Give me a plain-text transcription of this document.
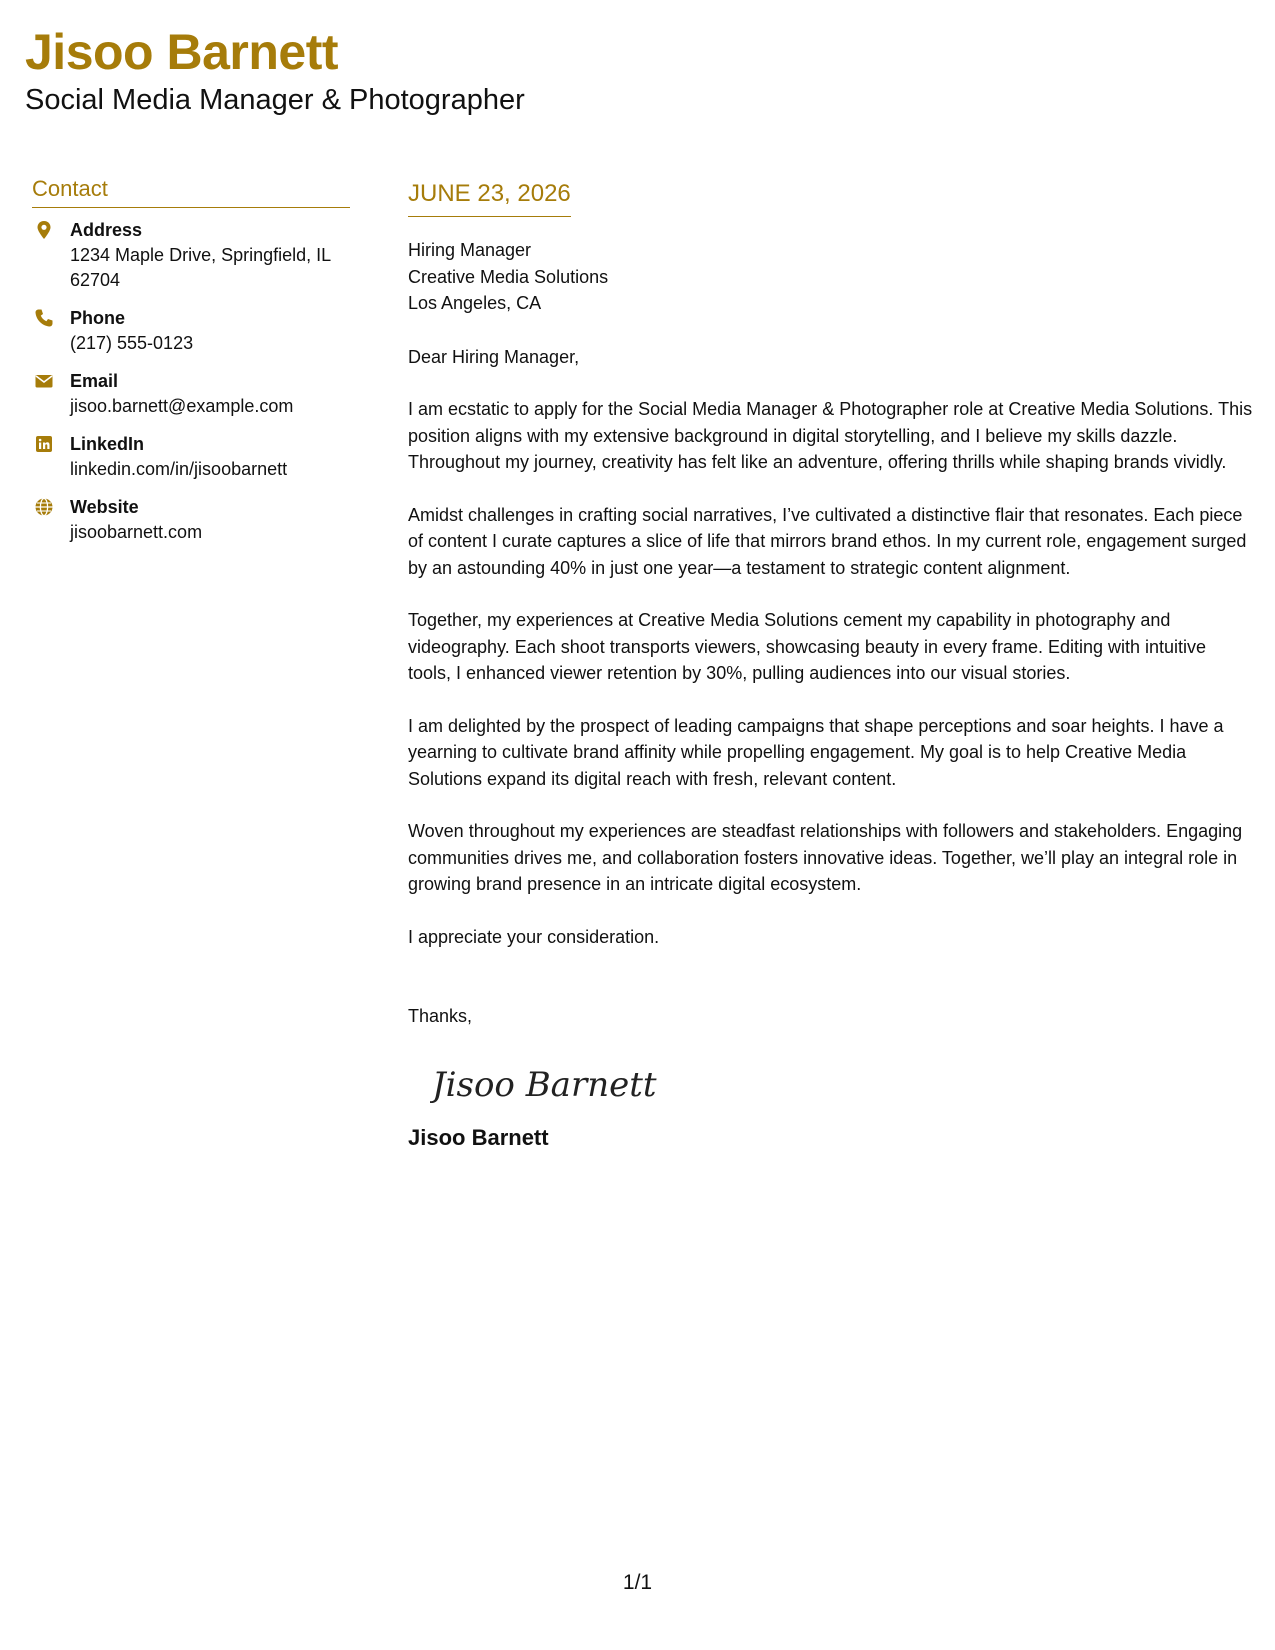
Jisoo Barnett
Social Media Manager & Photographer
Contact
Address
1234 Maple Drive, Springfield, IL
62704
Phone
(217) 555-0123
Email
jisoo.barnett@example.com
LinkedIn
linkedin.com/in/jisoobarnett
Website
jisoobarnett.com
JUNE 23, 2026
Hiring Manager
Creative Media Solutions
Los Angeles, CA
Dear Hiring Manager,
I am ecstatic to apply for the Social Media Manager & Photographer role at Creative Media Solutions. This position aligns with my extensive background in digital storytelling, and I believe my skills dazzle. Throughout my journey, creativity has felt like an adventure, offering thrills while shaping brands vividly.
Amidst challenges in crafting social narratives, I’ve cultivated a distinctive flair that resonates. Each piece of content I curate captures a slice of life that mirrors brand ethos. In my current role, engagement surged by an astounding 40% in just one year—a testament to strategic content alignment.
Together, my experiences at Creative Media Solutions cement my capability in photography and videography. Each shoot transports viewers, showcasing beauty in every frame. Editing with intuitive tools, I enhanced viewer retention by 30%, pulling audiences into our visual stories.
I am delighted by the prospect of leading campaigns that shape perceptions and soar heights. I have a yearning to cultivate brand affinity while propelling engagement. My goal is to help Creative Media Solutions expand its digital reach with fresh, relevant content.
Woven throughout my experiences are steadfast relationships with followers and stakeholders. Engaging communities drives me, and collaboration fosters innovative ideas. Together, we’ll play an integral role in growing brand presence in an intricate digital ecosystem.
I appreciate your consideration.
Thanks,
Jisoo Barnett
Jisoo Barnett
1/1
